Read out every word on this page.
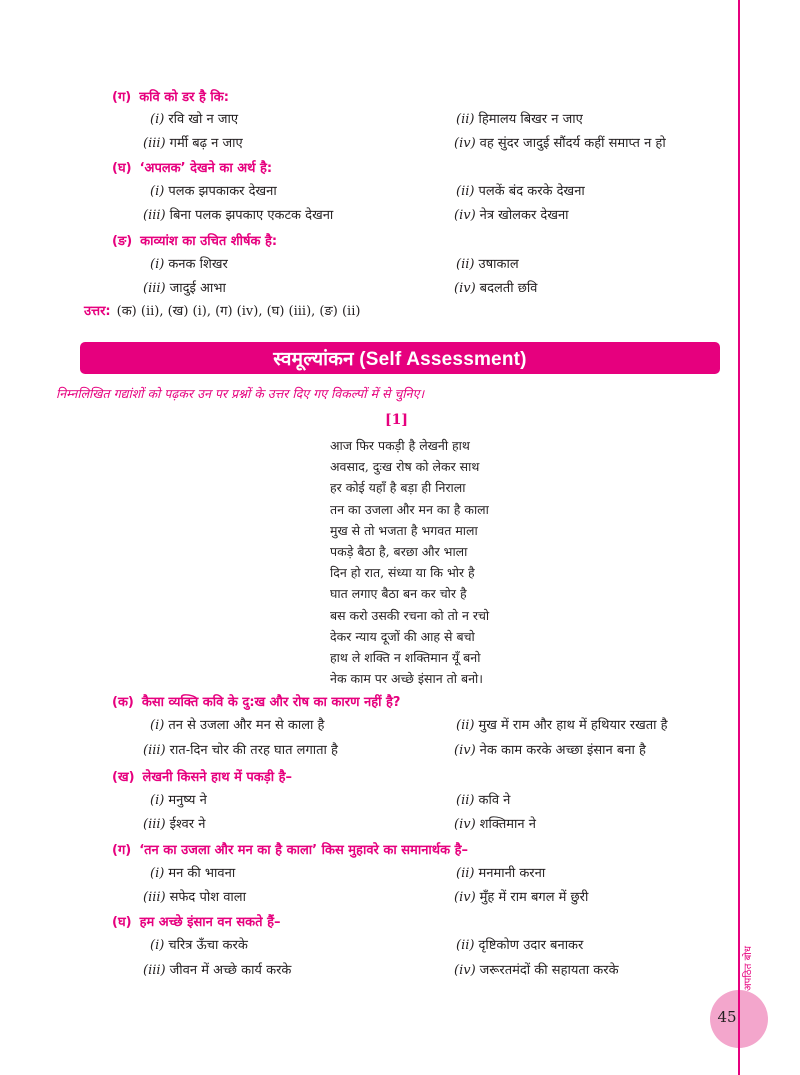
(ग) कवि को डर है कि:
(i) रवि खो न जाए	(ii) हिमालय बिखर न जाए
(iii) गर्मी बढ़ न जाए	(iv) वह सुंदर जादुई सौंदर्य कहीं समाप्त न हो
(घ) ‘अपलक’ देखने का अर्थ है:
(i) पलक झपकाकर देखना	(ii) पलकें बंद करके देखना
(iii) बिना पलक झपकाए एकटक देखना	(iv) नेत्र खोलकर देखना
(ङ) काव्यांश का उचित शीर्षक है:
(i) कनक शिखर	(ii) उषाकाल
(iii) जादुई आभा	(iv) बदलती छवि
उत्तर: (क) (ii), (ख) (i), (ग) (iv), (घ) (iii), (ङ) (ii)
स्वमूल्यांकन (Self Assessment)
निम्नलिखित गद्यांशों को पढ़कर उन पर प्रश्नों के उत्तर दिए गए विकल्पों में से चुनिए।
[1]
आज फिर पकड़ी है लेखनी हाथ
अवसाद, दुःख रोष को लेकर साथ
हर कोई यहाँ है बड़ा ही निराला
तन का उजला और मन का है काला
मुख से तो भजता है भगवत माला
पकड़े बैठा है, बरछा और भाला
दिन हो रात, संध्या या कि भोर है
घात लगाए बैठा बन कर चोर है
बस करो उसकी रचना को तो न रचो
देकर न्याय दूजों की आह से बचो
हाथ ले शक्ति न शक्तिमान यूँ बनो
नेक काम पर अच्छे इंसान तो बनो।
(क) कैसा व्यक्ति कवि के दु:ख और रोष का कारण नहीं है?
(i) तन से उजला और मन से काला है	(ii) मुख में राम और हाथ में हथियार रखता है
(iii) रात-दिन चोर की तरह घात लगाता है	(iv) नेक काम करके अच्छा इंसान बना है
(ख) लेखनी किसने हाथ में पकड़ी है–
(i) मनुष्य ने	(ii) कवि ने
(iii) ईश्वर ने	(iv) शक्तिमान ने
(ग) ‘तन का उजला और मन का है काला’ किस मुहावरे का समानार्थक है–
(i) मन की भावना	(ii) मनमानी करना
(iii) सफेद पोश वाला	(iv) मुँह में राम बगल में छुरी
(घ) हम अच्छे इंसान वन सकते हैं–
(i) चरित्र ऊँचा करके	(ii) दृष्टिकोण उदार बनाकर
(iii) जीवन में अच्छे कार्य करके	(iv) जरूरतमंदों की सहायता करके	अपठित बोध
45
